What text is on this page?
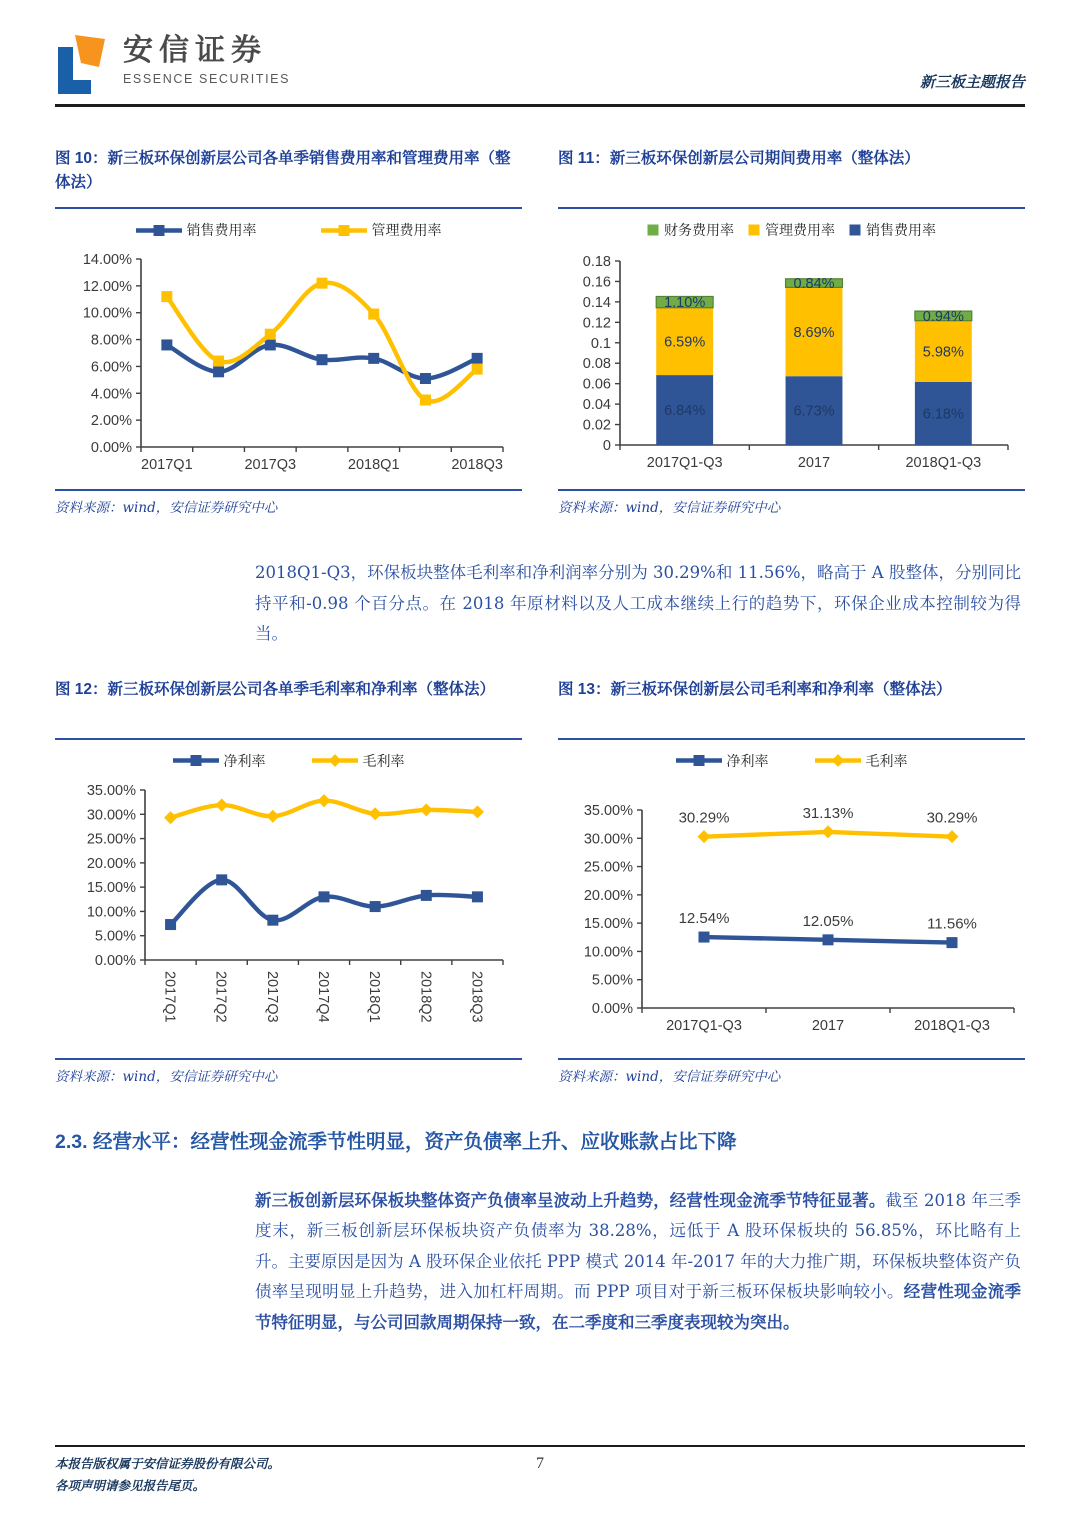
安信证券
ESSENCE SECURITIES	新三板主题报告
图 10：新三板环保创新层公司各单季销售费用率和管理费用率（整体法）
销售费用率	管理费用率
0.00%
2.00%
4.00%
6.00%
8.00%
10.00%
12.00%
14.00%
2017Q1	2017Q3	2018Q1	2018Q3
资料来源：wind，安信证券研究中心
图 11：新三板环保创新层公司期间费用率（整体法）
财务费用率 管理费用率 销售费用率
0
0.02
0.04
0.06
0.08
0.1
0.12
0.14
0.16
0.18
2017Q1-Q3	2017	2018Q1-Q3
6.84%
6.59%
1.10%
6.73%
8.69%
0.84%
6.18%
5.98%
0.94%
资料来源：wind，安信证券研究中心

2018Q1-Q3，环保板块整体毛利率和净利润率分别为 30.29%和 11.56%，略高于 A 股整体，分别同比持平和-0.98 个百分点。在 2018 年原材料以及人工成本继续上行的趋势下，环保企业成本控制较为得当。

图 12：新三板环保创新层公司各单季毛利率和净利率（整体法）
净利率	毛利率
0.00%
5.00%
10.00%
15.00%
20.00%
25.00%
30.00%
35.00%
2017Q1 2017Q2 2017Q3 2017Q4 2018Q1 2018Q2 2018Q3
资料来源：wind，安信证券研究中心
图 13：新三板环保创新层公司毛利率和净利率（整体法）
净利率	毛利率
0.00%
5.00%
10.00%
15.00%
20.00%
25.00%
30.00%
35.00%
2017Q1-Q3	2017	2018Q1-Q3
12.54%	12.05%	11.56%
30.29%	31.13%	30.29%
资料来源：wind，安信证券研究中心
2.3. 经营水平：经营性现金流季节性明显，资产负债率上升、应收账款占比下降

新三板创新层环保板块整体资产负债率呈波动上升趋势，经营性现金流季节特征显著。截至 2018 年三季度末，新三板创新层环保板块资产负债率为 38.28%，远低于 A 股环保板块的 56.85%，环比略有上升。主要原因是因为 A 股环保企业依托 PPP 模式 2014 年-2017 年的大力推广期，环保板块整体资产负债率呈现明显上升趋势，进入加杠杆周期。而 PPP 项目对于新三板环保板块影响较小。经营性现金流季节特征明显，与公司回款周期保持一致，在二季度和三季度表现较为突出。

本报告版权属于安信证券股份有限公司。
各项声明请参见报告尾页。
7
